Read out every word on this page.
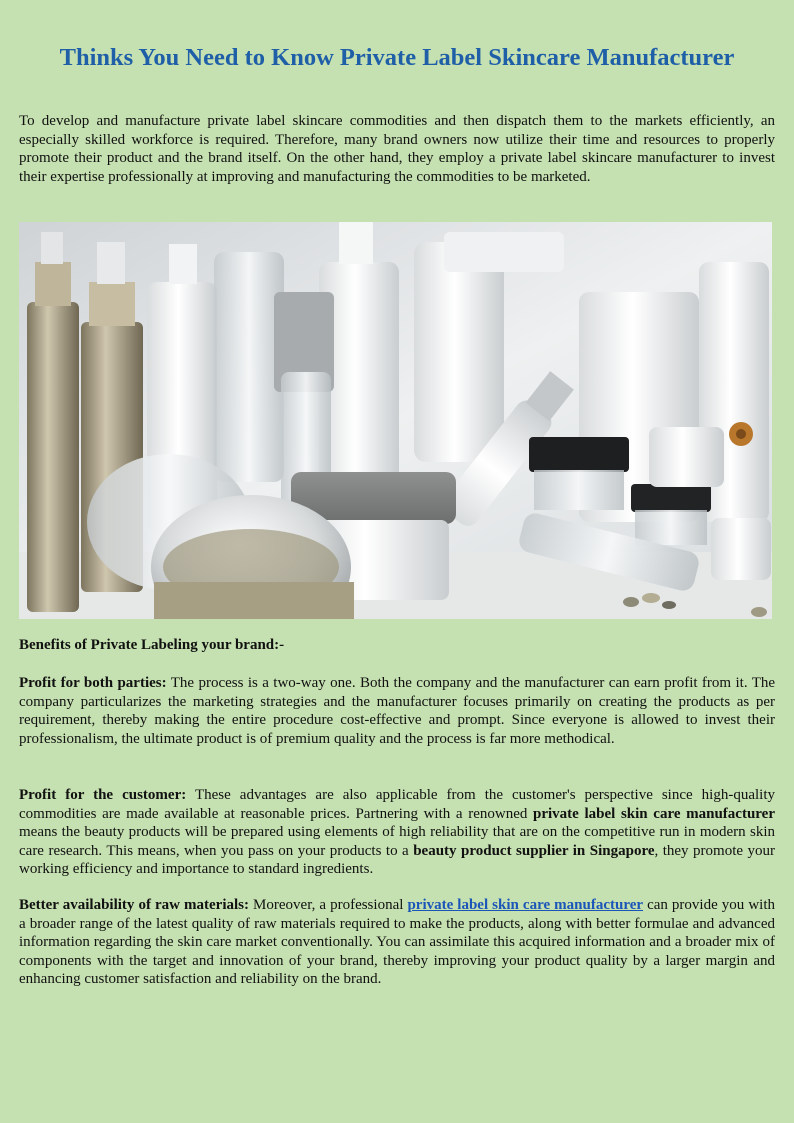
Thinks You Need to Know Private Label Skincare Manufacturer

To develop and manufacture private label skincare commodities and then dispatch them to the markets efficiently, an especially skilled workforce is required. Therefore, many brand owners now utilize their time and resources to properly promote their product and the brand itself. On the other hand, they employ a private label skincare manufacturer to invest their expertise professionally at improving and manufacturing the commodities to be marketed.

Benefits of Private Labeling your brand:-

Profit for both parties: The process is a two-way one. Both the company and the manufacturer can earn profit from it. The company particularizes the marketing strategies and the manufacturer focuses primarily on creating the products as per requirement, thereby making the entire procedure cost-effective and prompt. Since everyone is allowed to invest their professionalism, the ultimate product is of premium quality and the process is far more methodical.

Profit for the customer: These advantages are also applicable from the customer's perspective since high-quality commodities are made available at reasonable prices. Partnering with a renowned private label skin care manufacturer means the beauty products will be prepared using elements of high reliability that are on the competitive run in modern skin care research. This means, when you pass on your products to a beauty product supplier in Singapore, they promote your working efficiency and importance to standard ingredients.

Better availability of raw materials: Moreover, a professional private label skin care manufacturer can provide you with a broader range of the latest quality of raw materials required to make the products, along with better formulae and advanced information regarding the skin care market conventionally. You can assimilate this acquired information and a broader mix of components with the target and innovation of your brand, thereby improving your product quality by a larger margin and enhancing customer satisfaction and reliability on the brand.
